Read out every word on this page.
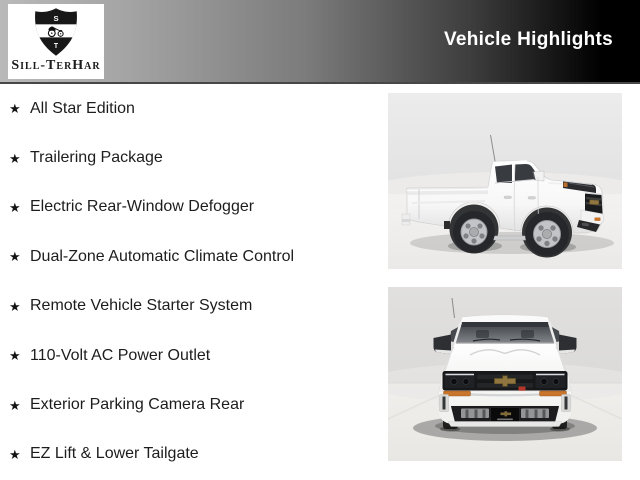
S
T
Sill-TerHar
Vehicle Highlights
★ All Star Edition
★ Trailering Package
★ Electric Rear-Window Defogger
★ Dual-Zone Automatic Climate Control
★ Remote Vehicle Starter System
★ 110-Volt AC Power Outlet
★ Exterior Parking Camera Rear
★ EZ Lift & Lower Tailgate
